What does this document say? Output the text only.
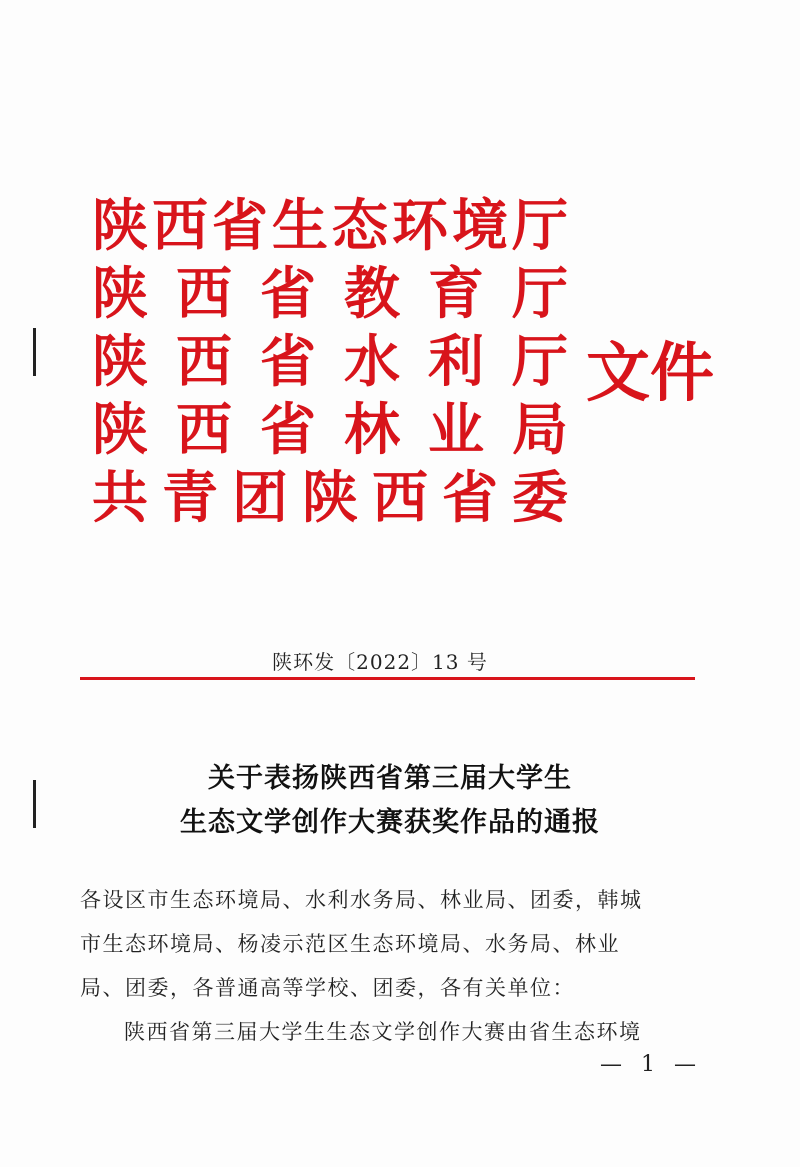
陕 西 省 生 态 环 境 厅
陕 西 省 教 育 厅
陕 西 省 水 利 厅
陕 西 省 林 业 局
共 青 团 陕 西 省 委
文件
陕环发〔2022〕13 号
关于表扬陕西省第三届大学生
生态文学创作大赛获奖作品的通报

各设区市生态环境局、水利水务局、林业局、团委，韩城

市生态环境局、杨凌示范区生态环境局、水务局、林业

局、团委，各普通高等学校、团委，各有关单位：

陕西省第三届大学生生态文学创作大赛由省生态环境

— 1 —
